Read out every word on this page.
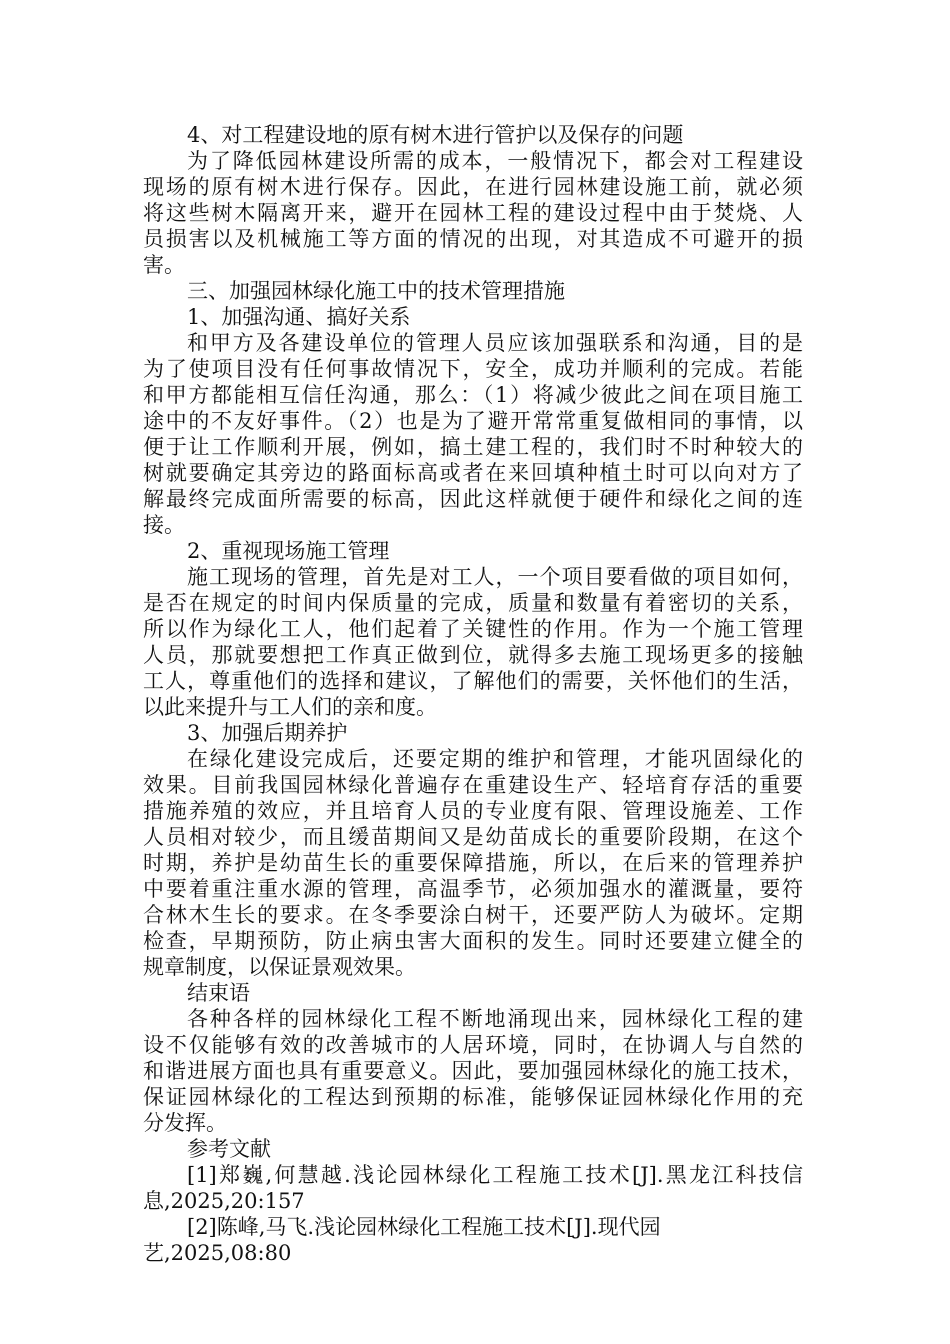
4、对工程建设地的原有树木进行管护以及保存的问题
为了降低园林建设所需的成本，一般情况下，都会对工程建设
现场的原有树木进行保存。因此，在进行园林建设施工前，就必须
将这些树木隔离开来，避开在园林工程的建设过程中由于焚烧、人
员损害以及机械施工等方面的情况的出现，对其造成不可避开的损
害。
三、加强园林绿化施工中的技术管理措施
1、加强沟通、搞好关系
和甲方及各建设单位的管理人员应该加强联系和沟通，目的是
为了使项目没有任何事故情况下，安全，成功并顺利的完成。若能
和甲方都能相互信任沟通，那么：（1）将减少彼此之间在项目施工
途中的不友好事件。（2）也是为了避开常常重复做相同的事情，以
便于让工作顺利开展，例如，搞土建工程的，我们时不时种较大的
树就要确定其旁边的路面标高或者在来回填种植土时可以向对方了
解最终完成面所需要的标高，因此这样就便于硬件和绿化之间的连
接。
2、重视现场施工管理
施工现场的管理，首先是对工人，一个项目要看做的项目如何，
是否在规定的时间内保质量的完成，质量和数量有着密切的关系，
所以作为绿化工人，他们起着了关键性的作用。作为一个施工管理
人员，那就要想把工作真正做到位，就得多去施工现场更多的接触
工人，尊重他们的选择和建议，了解他们的需要，关怀他们的生活，
以此来提升与工人们的亲和度。
3、加强后期养护
在绿化建设完成后，还要定期的维护和管理，才能巩固绿化的
效果。目前我国园林绿化普遍存在重建设生产、轻培育存活的重要
措施养殖的效应，并且培育人员的专业度有限、管理设施差、工作
人员相对较少，而且缓苗期间又是幼苗成长的重要阶段期，在这个
时期，养护是幼苗生长的重要保障措施，所以，在后来的管理养护
中要着重注重水源的管理，高温季节，必须加强水的灌溉量，要符
合林木生长的要求。在冬季要涂白树干，还要严防人为破坏。定期
检查，早期预防，防止病虫害大面积的发生。同时还要建立健全的
规章制度，以保证景观效果。
结束语
各种各样的园林绿化工程不断地涌现出来，园林绿化工程的建
设不仅能够有效的改善城市的人居环境，同时，在协调人与自然的
和谐进展方面也具有重要意义。因此，要加强园林绿化的施工技术，
保证园林绿化的工程达到预期的标准，能够保证园林绿化作用的充
分发挥。
参考文献
[1]郑巍,何慧越.浅论园林绿化工程施工技术[J].黑龙江科技信
息,2025,20:157
[2]陈峰,马飞.浅论园林绿化工程施工技术[J].现代园
艺,2025,08:80
